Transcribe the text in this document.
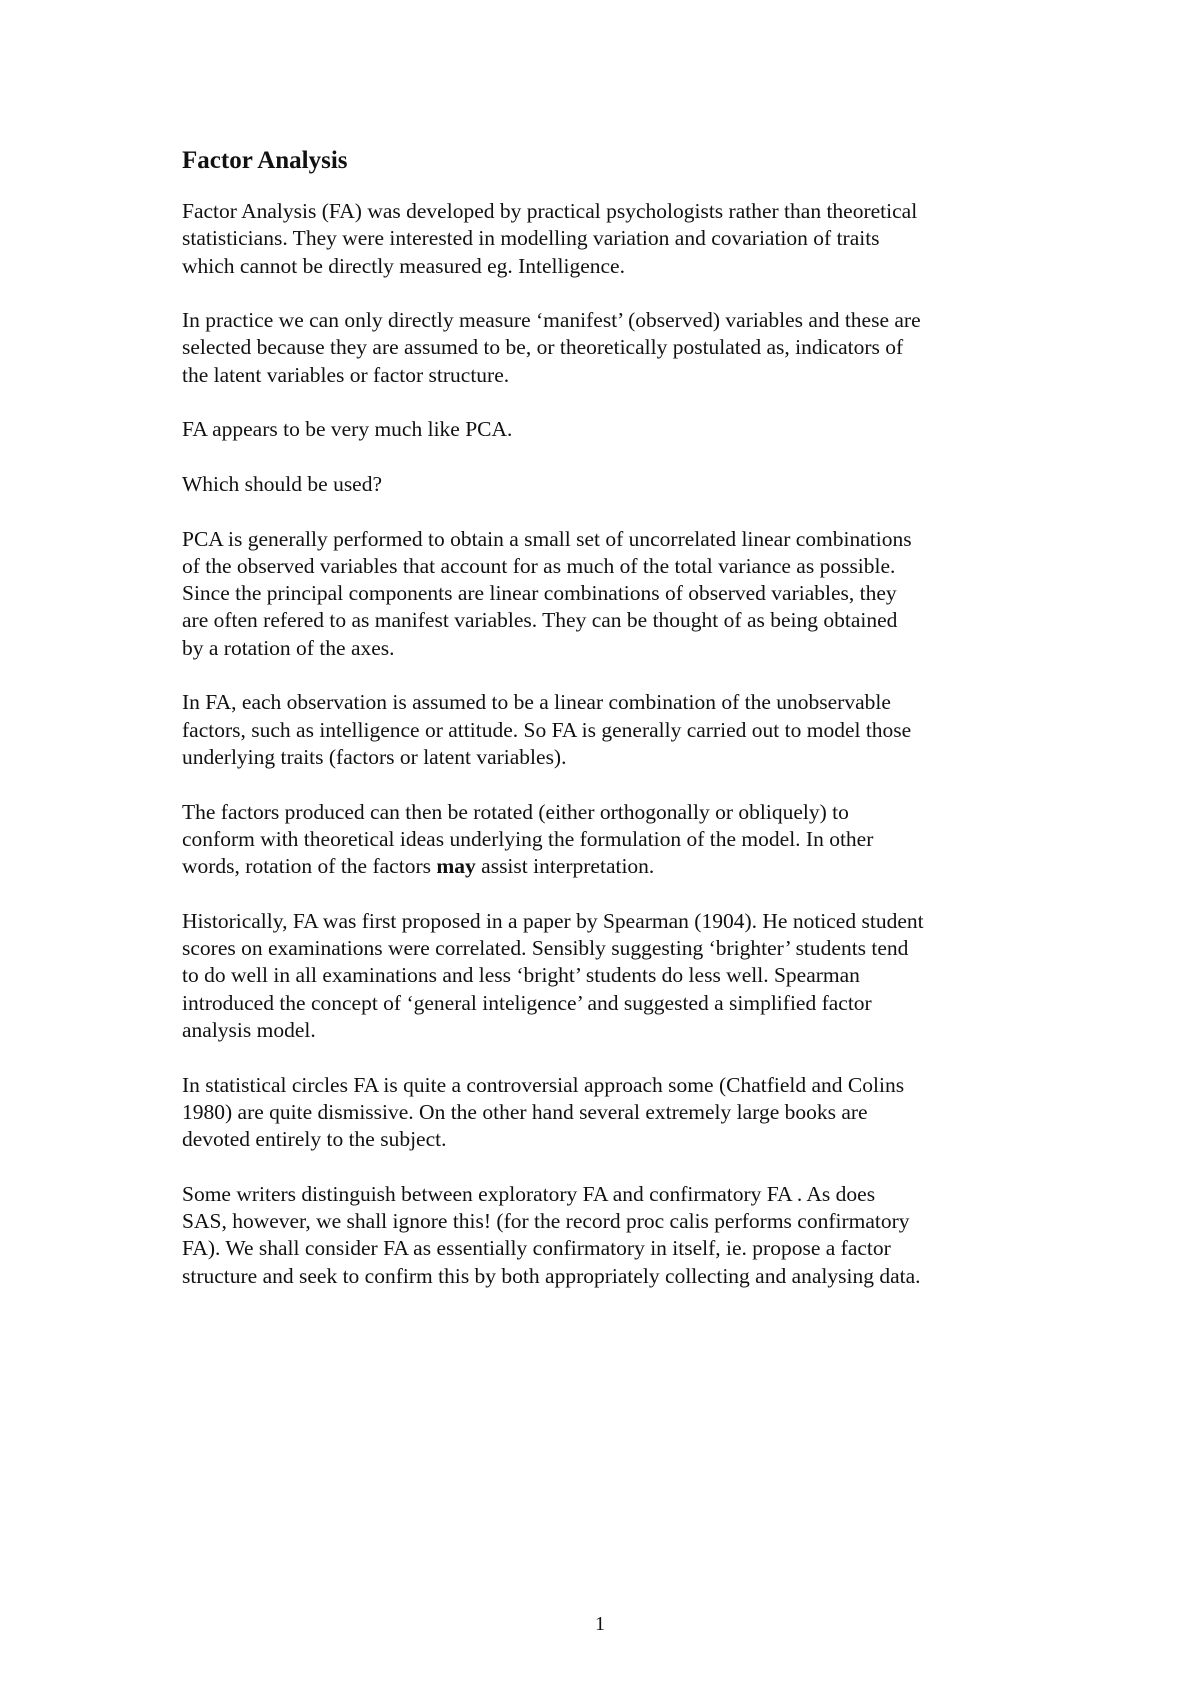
Factor Analysis
Factor Analysis (FA) was developed by practical psychologists rather than theoretical
statisticians. They were interested in modelling variation and covariation of traits
which cannot be directly measured eg. Intelligence.
In practice we can only directly measure ‘manifest’ (observed) variables and these are
selected because they are assumed to be, or theoretically postulated as, indicators of
the latent variables or factor structure.
FA appears to be very much like PCA.
Which should be used?
PCA is generally performed to obtain a small set of uncorrelated linear combinations
of the observed variables that account for as much of the total variance as possible.
Since the principal components are linear combinations of observed variables, they
are often refered to as manifest variables. They can be thought of as being obtained
by a rotation of the axes.
In FA, each observation is assumed to be a linear combination of the unobservable
factors, such as intelligence or attitude. So FA is generally carried out to model those
underlying traits (factors or latent variables).
The factors produced can then be rotated (either orthogonally or obliquely) to
conform with theoretical ideas underlying the formulation of the model. In other
words, rotation of the factors may assist interpretation.
Historically, FA was first proposed in a paper by Spearman (1904). He noticed student
scores on examinations were correlated. Sensibly suggesting ‘brighter’ students tend
to do well in all examinations and less ‘bright’ students do less well. Spearman
introduced the concept of ‘general inteligence’ and suggested a simplified factor
analysis model.
In statistical circles FA is quite a controversial approach some (Chatfield and Colins
1980) are quite dismissive. On the other hand several extremely large books are
devoted entirely to the subject.
Some writers distinguish between exploratory FA and confirmatory FA . As does
SAS, however, we shall ignore this! (for the record proc calis performs confirmatory
FA). We shall consider FA as essentially confirmatory in itself, ie. propose a factor
structure and seek to confirm this by both appropriately collecting and analysing data.
1
